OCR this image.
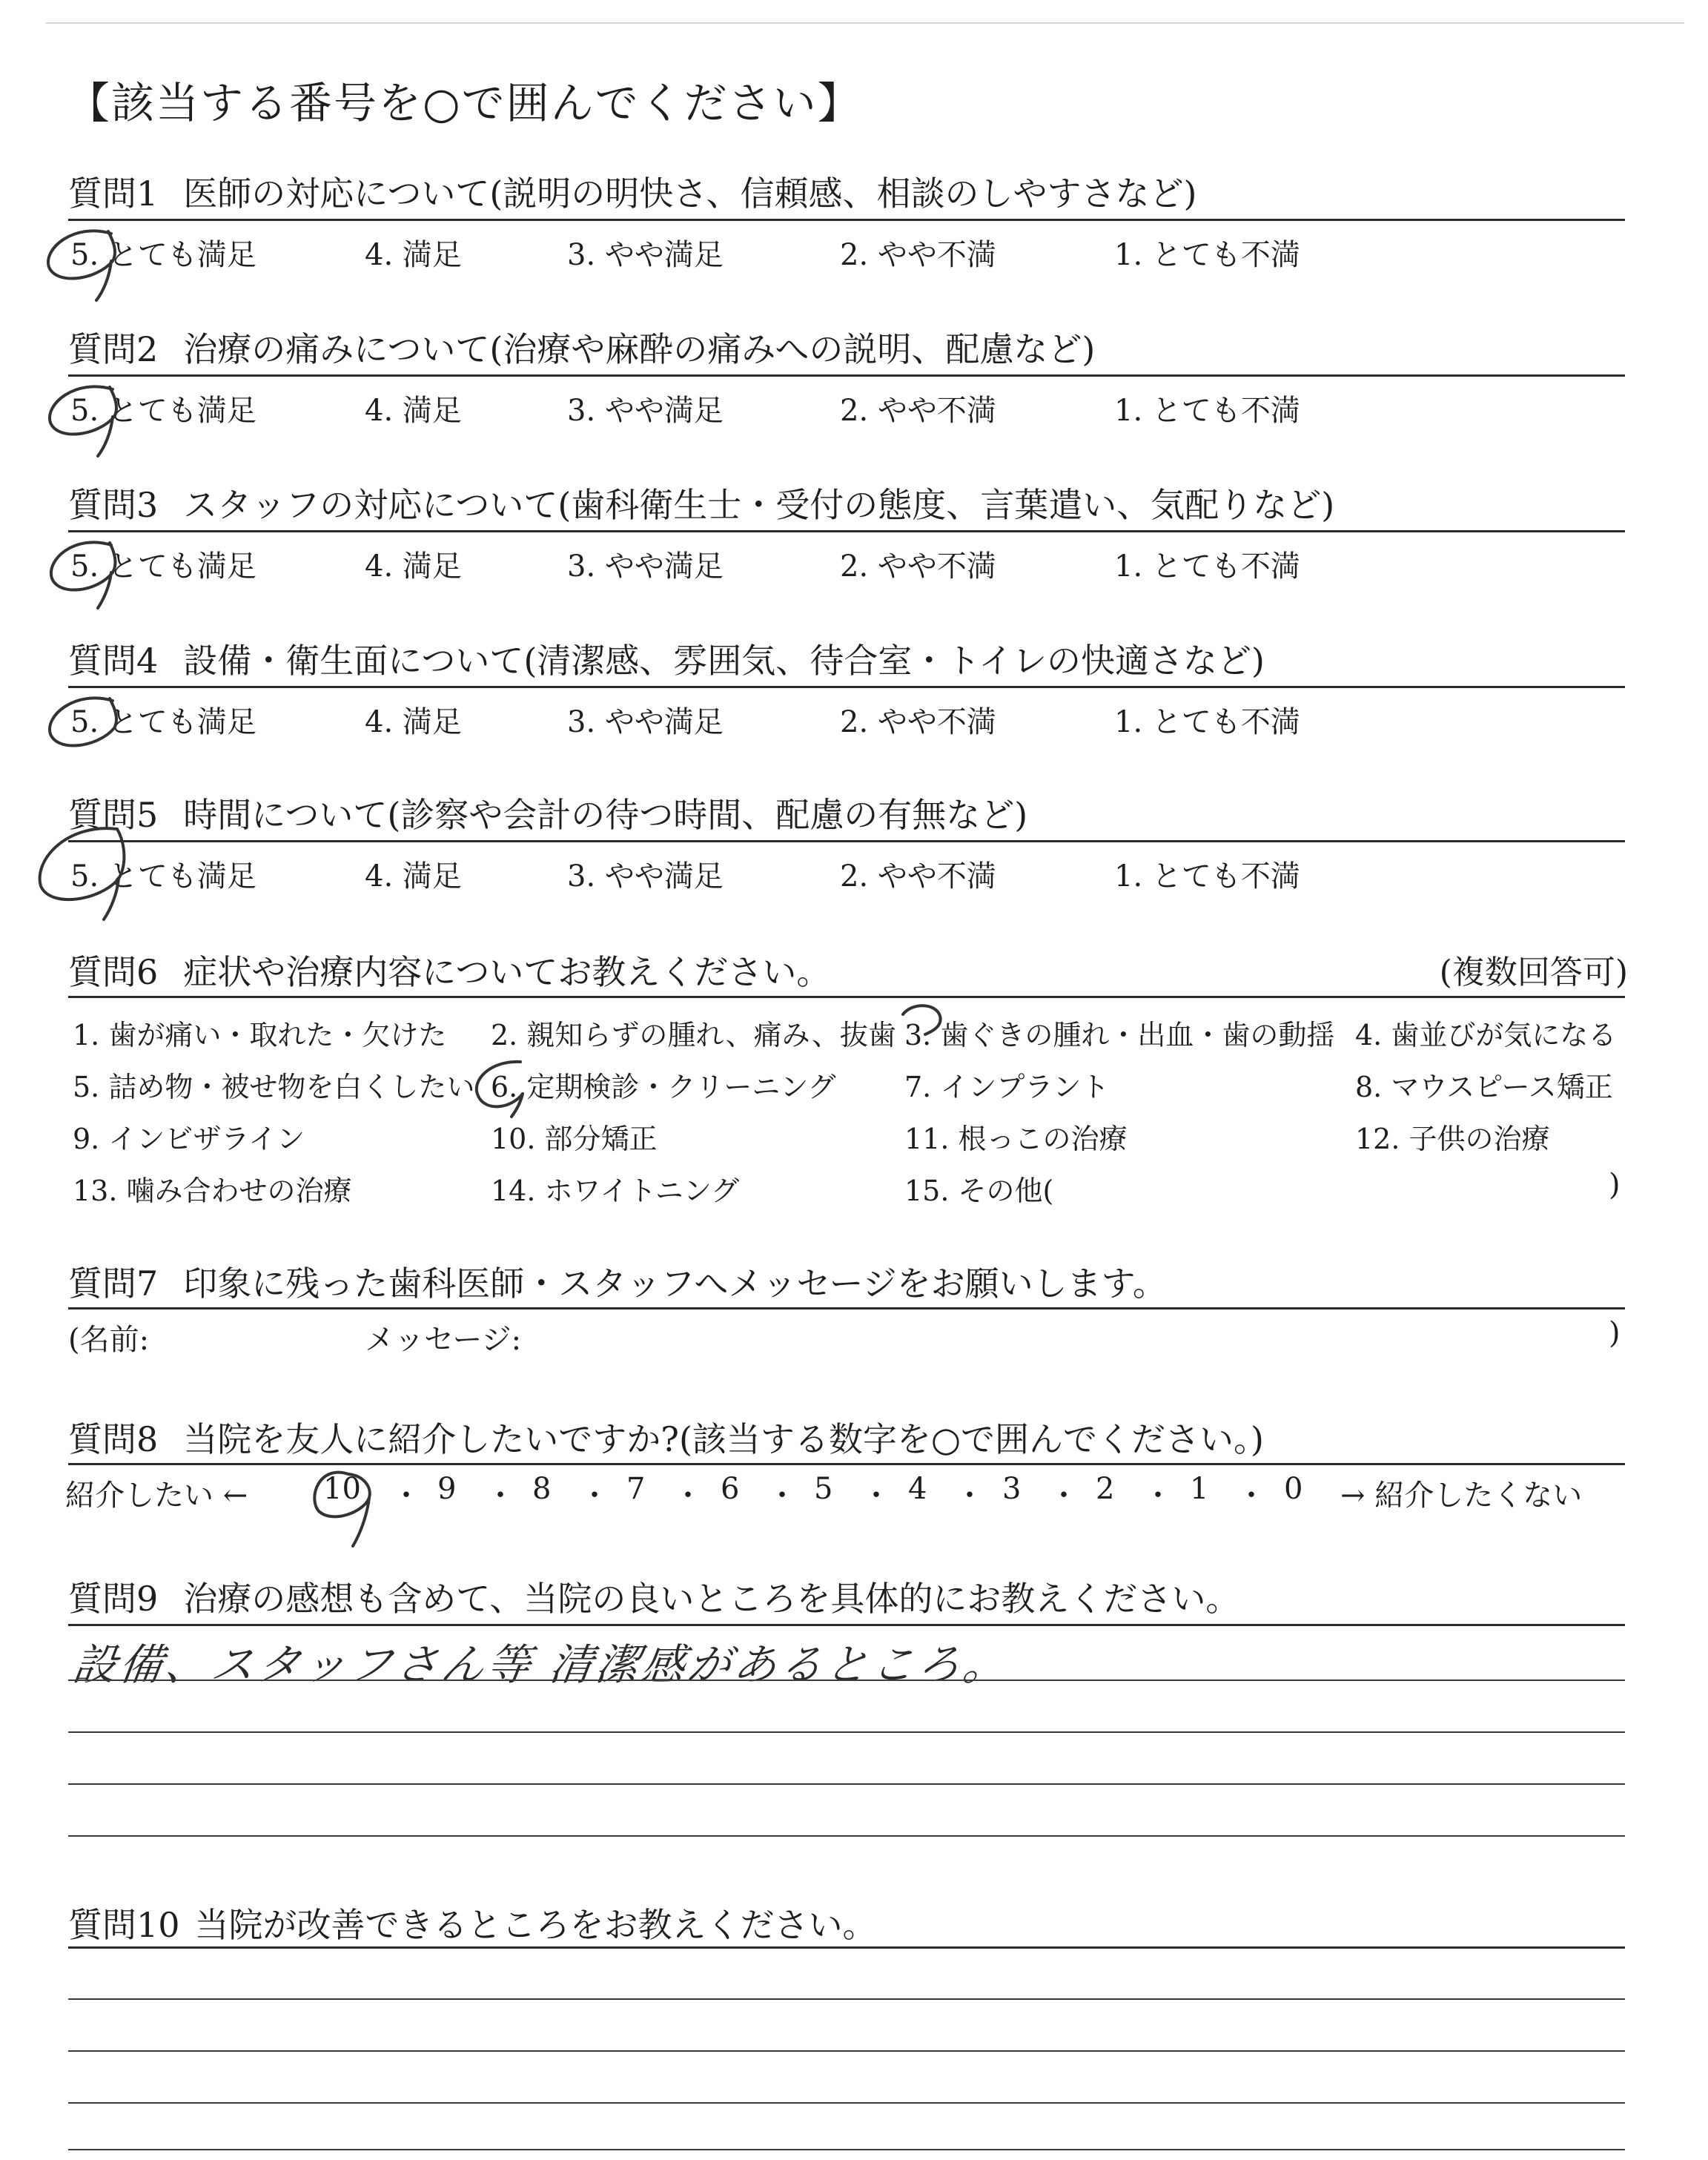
【該当する番号を○で囲んでください】
質問1 医師の対応について(説明の明快さ、信頼感、相談のしやすさなど)
5. とても満足	4. 満足	3. やや満足	2. やや不満	1. とても不満
質問2 治療の痛みについて(治療や麻酔の痛みへの説明、配慮など)
5. とても満足	4. 満足	3. やや満足	2. やや不満	1. とても不満
質問3 スタッフの対応について(歯科衛生士・受付の態度、言葉遣い、気配りなど)
5. とても満足	4. 満足	3. やや満足	2. やや不満	1. とても不満
質問4 設備・衛生面について(清潔感、雰囲気、待合室・トイレの快適さなど)
5. とても満足	4. 満足	3. やや満足	2. やや不満	1. とても不満
質問5 時間について(診察や会計の待つ時間、配慮の有無など)
5. とても満足	4. 満足	3. やや満足	2. やや不満	1. とても不満
質問6 症状や治療内容についてお教えください。	(複数回答可)
1. 歯が痛い・取れた・欠けた 2. 親知らずの腫れ、痛み、抜歯 3. 歯ぐきの腫れ・出血・歯の動揺 4. 歯並びが気になる
5. 詰め物・被せ物を白くしたい 6. 定期検診・クリーニング 7. インプラント	8. マウスピース矯正
9. インビザライン	10. 部分矯正	11. 根っこの治療	12. 子供の治療
13. 噛み合わせの治療	14. ホワイトニング	15. その他(	)
質問7 印象に残った歯科医師・スタッフへメッセージをお願いします。
(名前:	メッセージ:	)
質問8 当院を友人に紹介したいですか?(該当する数字を○で囲んでください。)
紹介したい ←	10 ・ 9 ・ 8 ・ 7 ・ 6 ・ 5 ・ 4 ・ 3 ・ 2 ・ 1 ・ 0 → 紹介したくない
質問9 治療の感想も含めて、当院の良いところを具体的にお教えください。
設備、スタッフさん等 清潔感があるところ。
質問10 当院が改善できるところをお教えください。
